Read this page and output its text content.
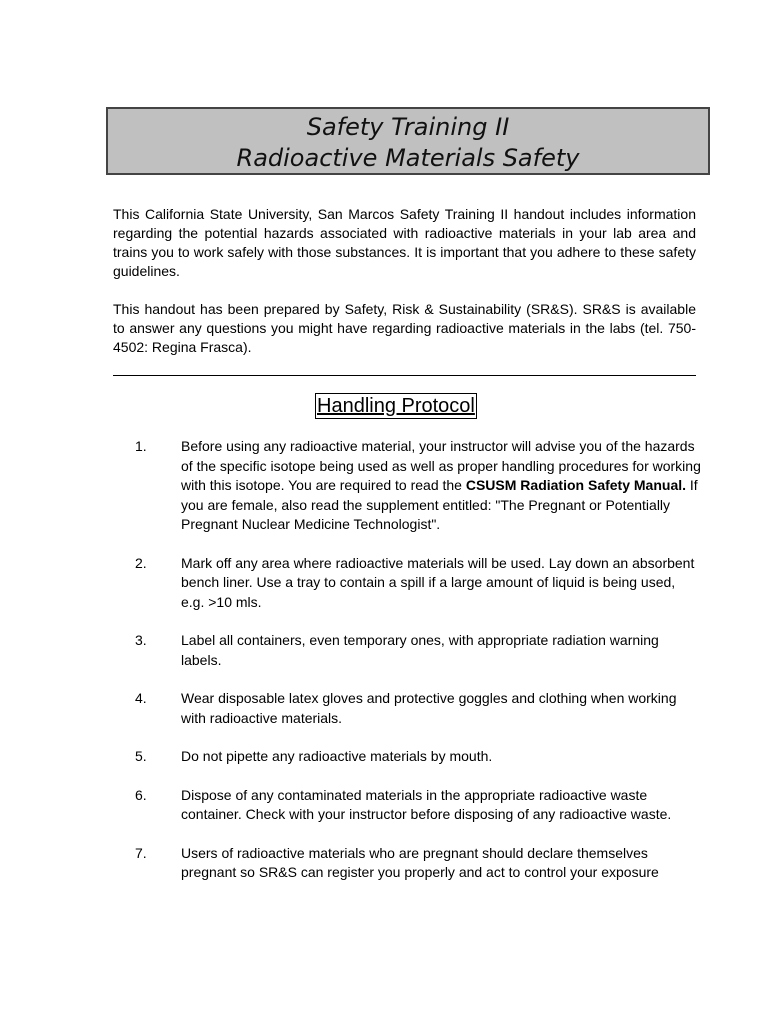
Safety Training II
Radioactive Materials Safety

This California State University, San Marcos Safety Training II handout includes information regarding the potential hazards associated with radioactive materials in your lab area and trains you to work safely with those substances. It is important that you adhere to these safety guidelines.

This handout has been prepared by Safety, Risk & Sustainability (SR&S). SR&S is available to answer any questions you might have regarding radioactive materials in the labs (tel. 750-4502: Regina Frasca).

Handling Protocol
1. Before using any radioactive material, your instructor will advise you of the hazards of the specific isotope being used as well as proper handling procedures for working with this isotope. You are required to read the CSUSM Radiation Safety Manual. If you are female, also read the supplement entitled: "The Pregnant or Potentially Pregnant Nuclear Medicine Technologist".
2. Mark off any area where radioactive materials will be used. Lay down an absorbent bench liner. Use a tray to contain a spill if a large amount of liquid is being used, e.g. >10 mls.
3. Label all containers, even temporary ones, with appropriate radiation warning labels.
4. Wear disposable latex gloves and protective goggles and clothing when working with radioactive materials.
5. Do not pipette any radioactive materials by mouth.
6. Dispose of any contaminated materials in the appropriate radioactive waste container. Check with your instructor before disposing of any radioactive waste.
7. Users of radioactive materials who are pregnant should declare themselves pregnant so SR&S can register you properly and act to control your exposure
